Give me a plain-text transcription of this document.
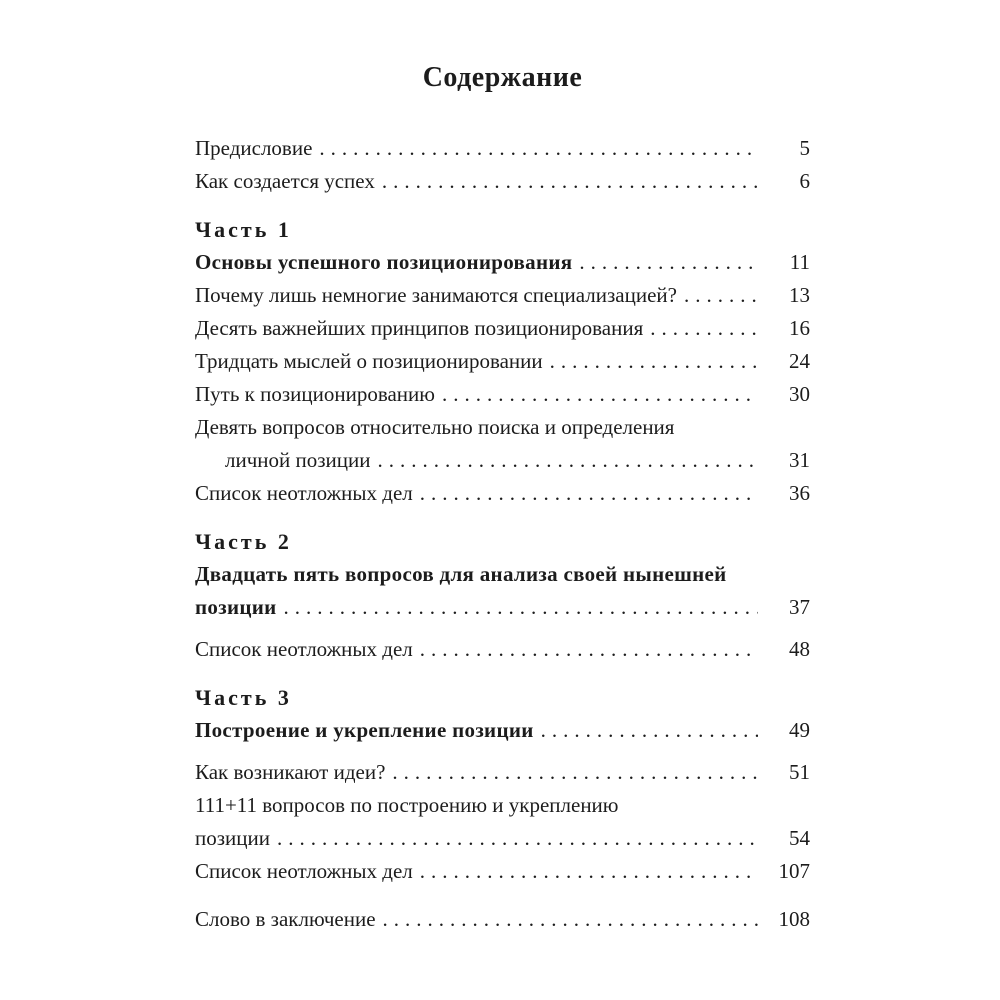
Содержание
Предисловие .....	5
Как создается успех .....	6
Часть 1
Основы успешного позиционирования .....	11
Почему лишь немногие занимаются специализацией? .....	13
Десять важнейших принципов позиционирования .....	16
Тридцать мыслей о позиционировании .....	24
Путь к позиционированию .....	30
Девять вопросов относительно поиска и определения
личной позиции .....	31
Список неотложных дел .....	36
Часть 2
Двадцать пять вопросов для анализа своей нынешней
позиции .....	37
Список неотложных дел .....	48
Часть 3
Построение и укрепление позиции .....	49
Как возникают идеи? .....	51
111+11 вопросов по построению и укреплению
позиции .....	54
Список неотложных дел .....	107
Слово в заключение .....	108
